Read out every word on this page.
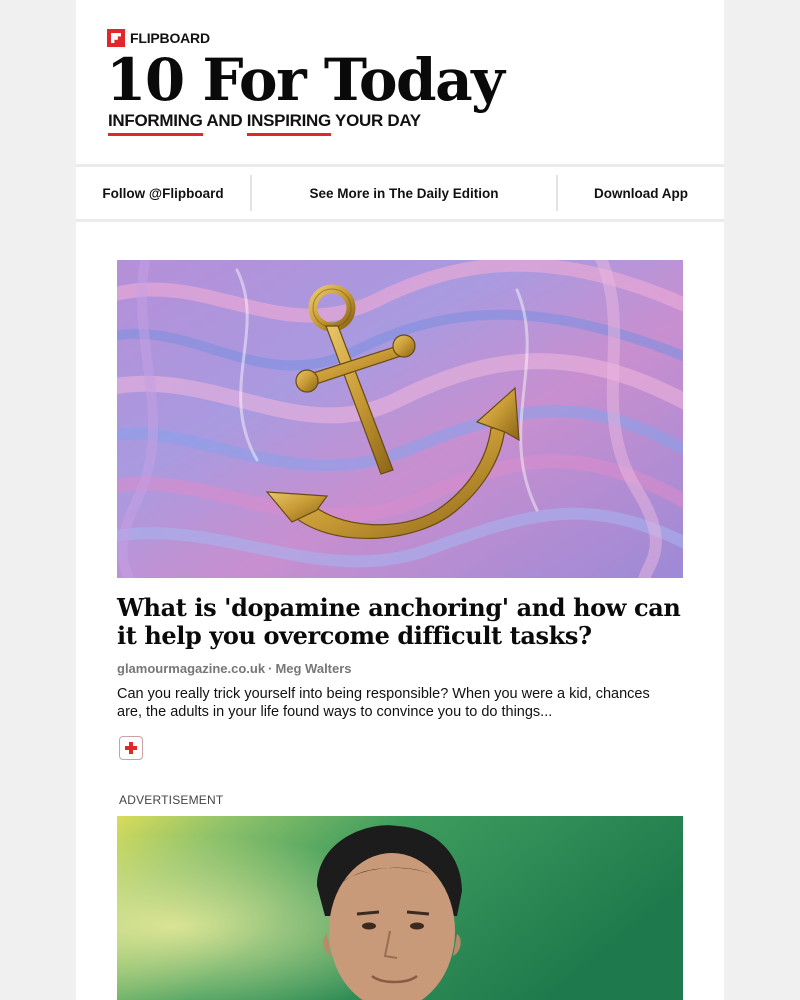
FLIPBOARD
10 For Today
INFORMING AND INSPIRING YOUR DAY
Follow @Flipboard	See More in The Daily Edition	Download App
What is 'dopamine anchoring' and how can it help you overcome difficult tasks?
glamourmagazine.co.uk · Meg Walters

Can you really trick yourself into being responsible? When you were a kid, chances are, the adults in your life found ways to convince you to do things...

ADVERTISEMENT
